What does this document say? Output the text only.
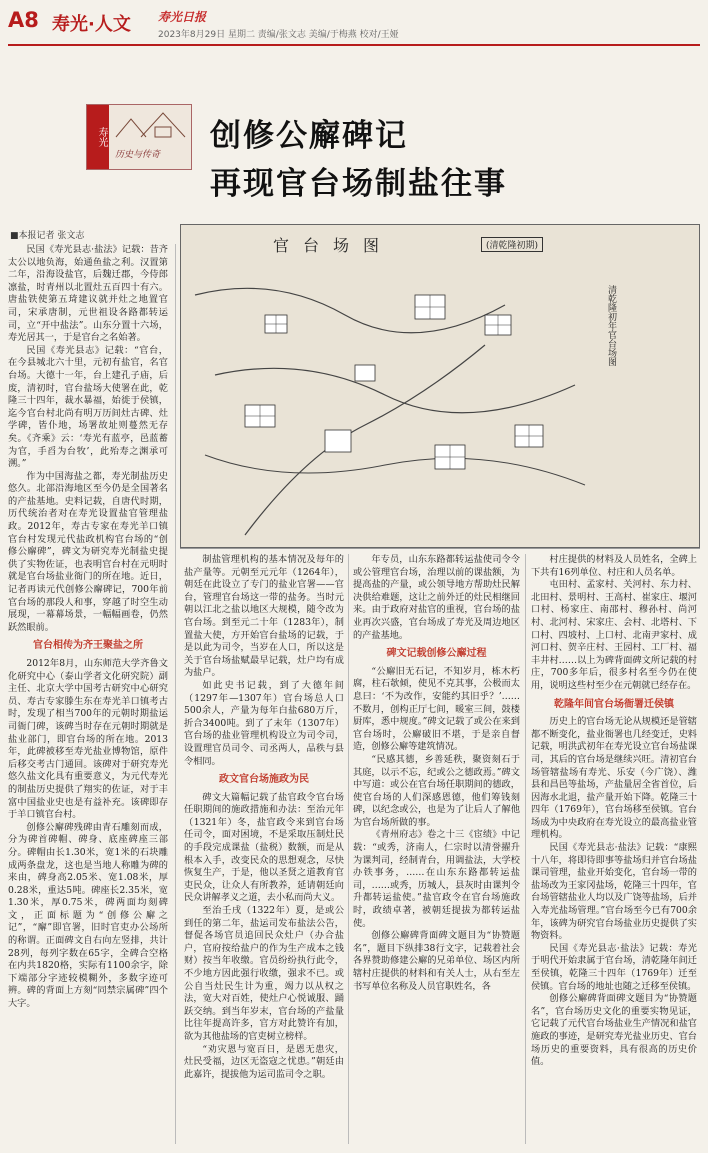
A8 寿光·人文 寿光日报
2023年8月29日 星期二 责编/张文志 美编/于梅燕 校对/王娅
寿光
历史与传奇
创修公廨碑记
再现官台场制盐往事
■本报记者 张文志	官台场图	(清乾隆初期)
清乾隆初年官台场图

民国《寿光县志·盐法》记载：昔齐太公以地负海，始通鱼盐之利。汉置第二年，沿海设盐官，后魏迁郡，今侍郎凛盐，时青州以北置灶五百四十有六。唐盐铁使第五琦建议就并灶之地置官司，宋承唐制，元世祖设各路都转运司，立“开中盐法”。山东分置十六场，寿光居其一，于是官台之名始著。

民国《寿光县志》记载：“官台，在今县城北六十里，元初有盐官，名官台场。大德十一年，台上建孔子庙，后废，清初时，官台盐场大使署在此，乾隆三十四年，裁水暴福，始徙于侯镇，迄今官台村北尚有明万历间灶古碑、灶学碑，皆仆地，场署故址则蔓然无存矣。《齐乘》云：‘寿光有蓝亭，邑蓝蓄为官，手舀为台牧’，此殆寿之渊承可溯。”

作为中国海盐之都，寿光制盐历史悠久。北部沿海地区至今仍是全国著名的产盐基地。史料记载，自唐代时期，历代统治者对在寿光设置盐官管理盐政。2012年，寿古专家在寿光羊口镇官台村发现元代盐政机构官台场的“创修公廨碑”，碑文为研究寿光制盐史提供了实物佐证，也表明官台村在元明时就是官台场盐业衙门的所在地。近日，记者再读元代创修公廨碑记，700年前官台场的那段人和事，穿越了时空生动展现，一幕幕场景，一幅幅画卷，仍然跃然眼前。

官台相传为齐王聚盐之所

2012年8月，山东师范大学齐鲁文化研究中心（泰山学者文化研究院）副主任、北京大学中国考古研究中心研究员、寿古专家滕生东在寿光羊口镇考古时，发现了相当700年的元朝时期盐运司衙门碑，该碑当时存在元朝时期就是盐业部门，即官台场的所在地。2013年，此碑被移至寿光盐业博物馆，原件后移交考古门通回。该碑对于研究寿光悠久盐文化具有重要意义，为元代寿光的制盐历史提供了翔实的佐证，对于丰富中国盐业史也是有益补充。该碑即存于羊口镇官台村。

创修公廨碑残碑由青石雕刻而成，分为碑首碑帽、碑身、底座碑座三部分。碑帽由长1.30米，宽1米的石块雕成两条盘龙，这也是当地人称雕为碑的来由，碑身高2.05米、宽1.08米，厚0.28米，重达5吨。碑座长2.35米，宽1.30米，厚0.75米，碑两面均刻碑文，正面标题为“创修公廨之记”，“廨”即官署，旧时官吏办公场所的称谓。正面碑文自右向左竖排，共计28列，每列字数在65字，全碑合空格在内共1820格，实际有1100余字，除下端部分字迹较模糊外，多数字迹可辨。碑的背面上方刻“同禁宗属碑”四个大字。

制盐管理机构的基本情况及每年的盐产量等。元朝至元元年（1264年），朝廷在此设立了专门的盐业官署——官台，管理官台场这一带的盐务。当时元朝以江北之盐以地区大规模，随令改为官台场。到至元二十年（1283年），制置盐大使，方开始官台盐场的记载，于是以此为司令，当岁在人口，所以这是关于官台场盐赋最早记载，灶户均有成为盐户。

如此史书记载，到了大德年间（1297年—1307年）官台场总人口500余人，产量为每年白盐680万斤，折合3400吨。到了了末年（1307年）官台场的盐业管理机构设立为司令司，设置理官员司令、司丞两人，品秩与县令相同。

政文官台场施政为民

碑文大篇幅记载了盐官政令官台场任职期间的施政措施和办法：至治元年（1321年）冬，盐官政令来到官台场任司令，面对困境，不是采取压制灶民的手段完成课盐（盐税）数额，而是从根本入手，改变民众的思想观念，尽快恢复生产，于是，他以圣贤之道教育官吏民众，让众人有所教养，延请朝廷向民众讲解孝义之道，去小私而尚大义。

至治壬戌（1322年）夏，是或公到任的第二年，盐运司发布盐法公告，督促各场官员追回民众灶户（办合盐户，官府按给盐户的作为生产成本之钱财）按当年收缴。官员纷纷执行此令，不少地方因此强行收缴，强求不已。或公自当灶民生计为重，竭力以从权之法，宽大对百姓，使灶户心悦诚服、踊跃交纳。到当年岁末，官台场的产盐量比往年提高许多，官方对此赞许有加，欲为其他盐场的官吏树立榜样。

“劝灾恩与宽百日，是恩无患灾，灶民受福，边区无盗寇之忧患。”朝廷由此嘉许，提拔他为运司监司令之职。

年专员，山东东路都转运盐使司令令或公管理官台场，治理以前的课盐额，为提高盐的产量，或公领导地方帮助灶民解决供给难题，这让之前外迁的灶民相继回来。由于政府对盐官的重视，官台场的盐业再次兴盛，官台场成了寿光及周边地区的产盐基地。

碑文记载创修公廨过程

“公廨旧无石记，不知岁月，栋木朽腐，柱石欹倾，使见不克其事，公极而太息曰：‘不为改作，安能约其旧乎？’……不数月，创构正厅七间，暖室三间，鼓楼厨库，悉中规度。”碑文记载了或公在来到官台场时，公廨破旧不堪，于是亲自督造，创修公廨等建筑情况。

“民感其德，乡善延秩，聚资刻石于其庭，以示不忘，纪或公之德政焉。”碑文中写道：或公在官台场任职期间的德政，使官台场的人们深感恩德，他们筹钱刻碑，以纪念或公，也是为了让后人了解他为官台场所做的事。

《青州府志》卷之十三《宦绩》中记载：“或秀，济南人，仁宗时以清誉擢升为课判司，经制青台，用调盐法，大学校办铁事务，……在山东东路都转运盐司，……或秀，历城人，县灰时由课判令升都转运盐使。”盐官政令在官台场施政时，政绩卓著，被朝廷提拔为都转运盐使。

创修公廨碑背面碑文题目为“协赞题名”，题目下纵排38行文字，记载着社会各界赞助修建公廨的兄弟单位、场区内所辖村庄提供的材料和有关人士，从右至左书写单位名称及人员官职姓名，各

村庄提供的材料及人员姓名，全碑上下共有16列单位、村庄和人员名单。

屯田村、孟家村、关河村、东力村、北田村、景明村、王高村、崔家庄、堰河口村、杨家庄、南邵村、穆孙村、尚河村、北河村、宋家庄、会村、北塔村、下口村、四坡村、上口村、北南尹家村、成河口村、贺辛庄村、王园村、工厂村、福丰井村……以上为碑背面碑文所记载的村庄，700多年后，很多村名至今仍在使用，说明这些村至少在元朝就已经存在。

乾隆年间官台场衙署迁侯镇

历史上的官台场无论从规模还是管辖都不断变化，盐业衙署也几经变迁，史料记载，明洪武初年在寿光设立官台场盐课司，其后的官台场是继续兴旺。清初官台场管辖盐场有寿光、乐安（今广饶）、潍县和昌邑等盐场，产盐量居全省首位，后因海水北退，盐产量开始下降。乾隆三十四年（1769年），官台场移至侯镇。官台场成为中央政府在寿光设立的最高盐业管理机构。

民国《寿光县志·盐法》记载：“康熙十八年，将即待即事等盐场归并官台场盐课司管理，盐业开始变化，官台场一带的盐场改为王家冈盐场，乾隆三十四年，官台场管辖盐业人均以及广饶等盐场，后并入寿光盐场管理。”官台场至今已有700余年，该碑为研究官台场盐业历史提供了实物资料。

民国《寿光县志·盐法》记载：寿光于明代开始隶属于官台场，清乾隆年间迁至侯镇，乾隆三十四年（1769年）迁至侯镇。官台场的地址也随之迁移至侯镇。

创修公廨碑背面碑文题目为“协赞题名”，官台场历史文化的重要实物见证，它记载了元代官台场盐业生产情况和盐官施政的事迹，是研究寿光盐业历史、官台场历史的重要资料，具有很高的历史价值。
